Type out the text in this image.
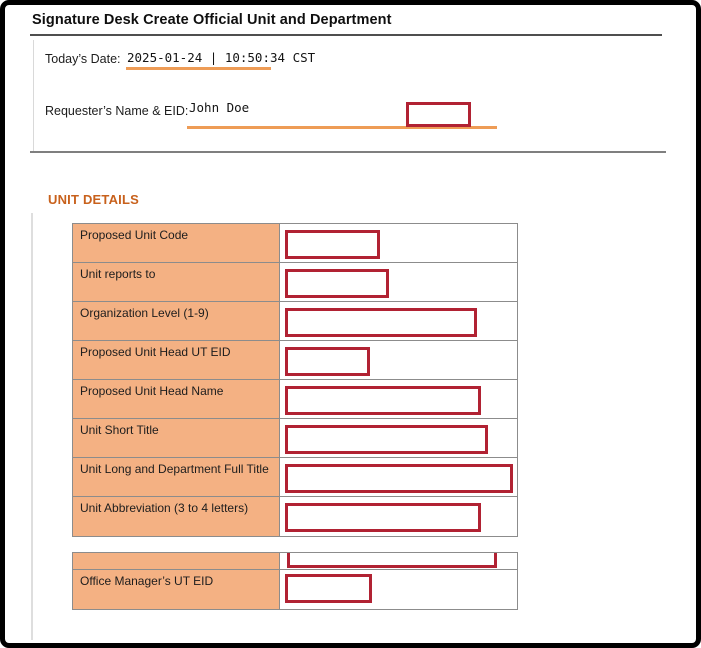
Signature Desk Create Official Unit and Department
Today’s Date: 2025-01-24 | 10:50:34 CST
Requester’s Name & EID: John Doe
UNIT DETAILS
Proposed Unit Code
Unit reports to
Organization Level (1-9)
Proposed Unit Head UT EID
Proposed Unit Head Name
Unit Short Title
Unit Long and Department Full Title
Unit Abbreviation (3 to 4 letters)
Office Manager’s UT EID
